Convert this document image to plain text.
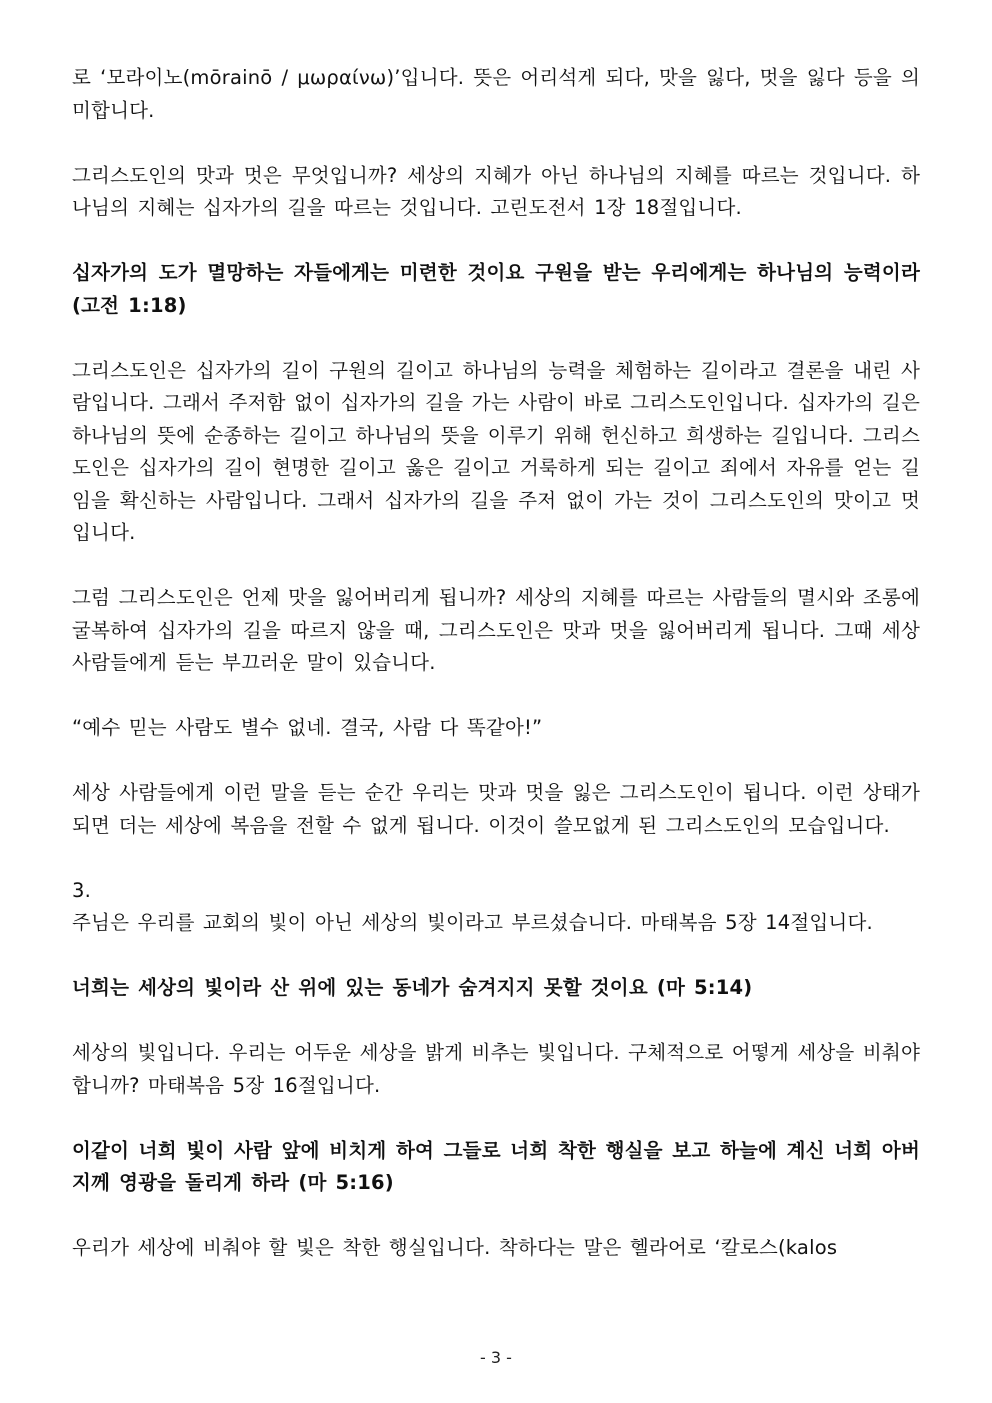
로 ‘모라이노(mōrainō / μωραίνω)’입니다. 뜻은 어리석게 되다, 맛을 잃다, 멋을 잃다 등을 의미합니다.

그리스도인의 맛과 멋은 무엇입니까? 세상의 지혜가 아닌 하나님의 지혜를 따르는 것입니다. 하나님의 지혜는 십자가의 길을 따르는 것입니다. 고린도전서 1장 18절입니다.

십자가의 도가 멸망하는 자들에게는 미련한 것이요 구원을 받는 우리에게는 하나님의 능력이라 (고전 1:18)

그리스도인은 십자가의 길이 구원의 길이고 하나님의 능력을 체험하는 길이라고 결론을 내린 사람입니다. 그래서 주저함 없이 십자가의 길을 가는 사람이 바로 그리스도인입니다. 십자가의 길은 하나님의 뜻에 순종하는 길이고 하나님의 뜻을 이루기 위해 헌신하고 희생하는 길입니다. 그리스도인은 십자가의 길이 현명한 길이고 옳은 길이고 거룩하게 되는 길이고 죄에서 자유를 얻는 길임을 확신하는 사람입니다. 그래서 십자가의 길을 주저 없이 가는 것이 그리스도인의 맛이고 멋입니다.

그럼 그리스도인은 언제 맛을 잃어버리게 됩니까? 세상의 지혜를 따르는 사람들의 멸시와 조롱에 굴복하여 십자가의 길을 따르지 않을 때, 그리스도인은 맛과 멋을 잃어버리게 됩니다. 그때 세상 사람들에게 듣는 부끄러운 말이 있습니다.

“예수 믿는 사람도 별수 없네. 결국, 사람 다 똑같아!”

세상 사람들에게 이런 말을 듣는 순간 우리는 맛과 멋을 잃은 그리스도인이 됩니다. 이런 상태가 되면 더는 세상에 복음을 전할 수 없게 됩니다. 이것이 쓸모없게 된 그리스도인의 모습입니다.

3.

주님은 우리를 교회의 빛이 아닌 세상의 빛이라고 부르셨습니다. 마태복음 5장 14절입니다.

너희는 세상의 빛이라 산 위에 있는 동네가 숨겨지지 못할 것이요 (마 5:14)

세상의 빛입니다. 우리는 어두운 세상을 밝게 비추는 빛입니다. 구체적으로 어떻게 세상을 비춰야 합니까? 마태복음 5장 16절입니다.

이같이 너희 빛이 사람 앞에 비치게 하여 그들로 너희 착한 행실을 보고 하늘에 계신 너희 아버지께 영광을 돌리게 하라 (마 5:16)

우리가 세상에 비춰야 할 빛은 착한 행실입니다. 착하다는 말은 헬라어로 ‘칼로스(kalos

- 3 -
